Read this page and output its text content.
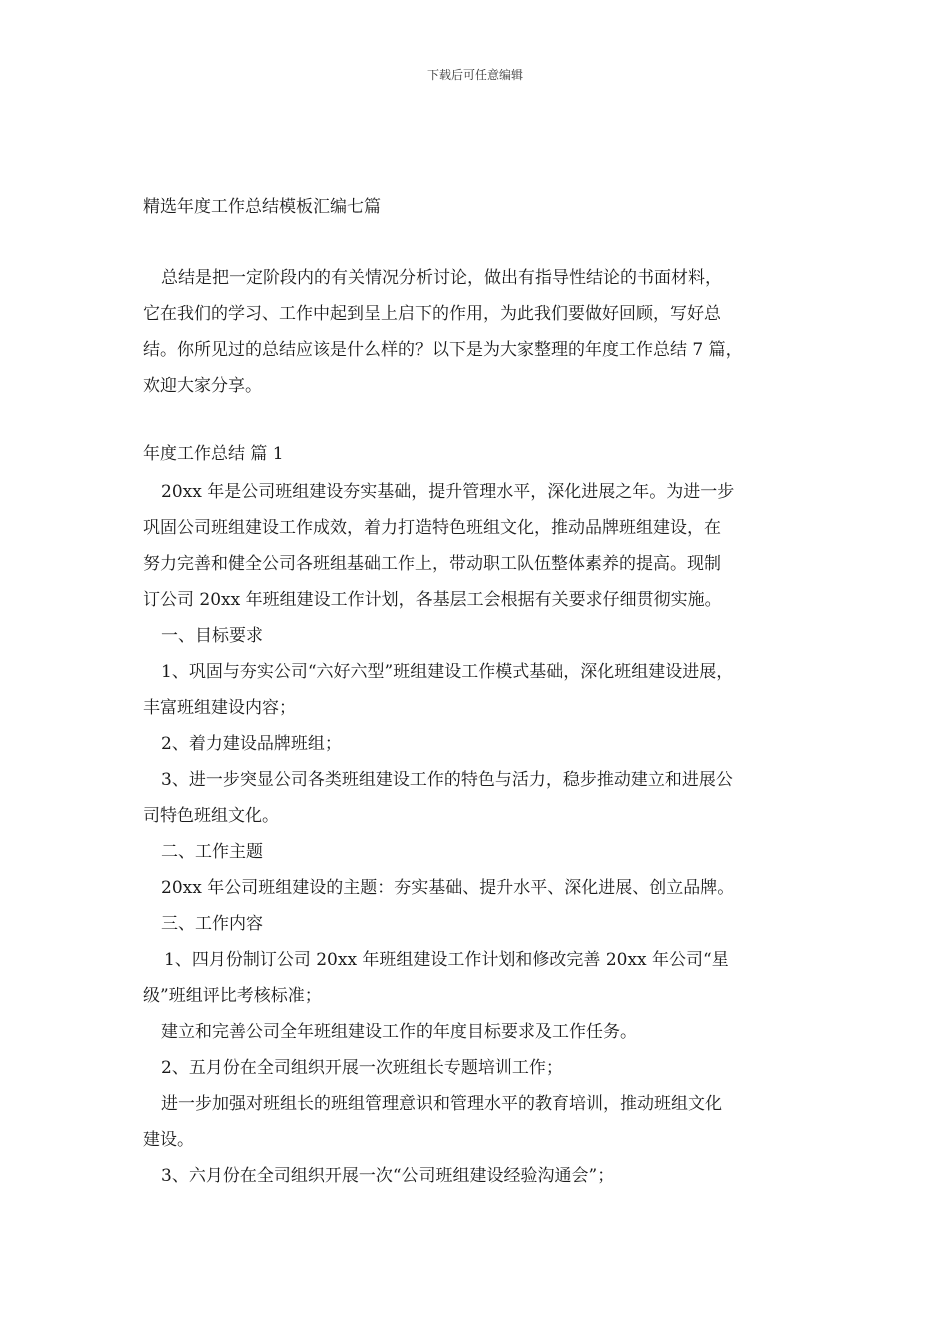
下载后可任意编辑
精选年度工作总结模板汇编七篇

总结是把一定阶段内的有关情况分析讨论，做出有指导性结论的书面材料，

它在我们的学习、工作中起到呈上启下的作用，为此我们要做好回顾，写好总

结。你所见过的总结应该是什么样的？以下是为大家整理的年度工作总结 7 篇，

欢迎大家分享。

年度工作总结 篇 1
20xx 年是公司班组建设夯实基础，提升管理水平，深化进展之年。为进一步
巩固公司班组建设工作成效，着力打造特色班组文化，推动品牌班组建设，在
努力完善和健全公司各班组基础工作上，带动职工队伍整体素养的提高。现制
订公司 20xx 年班组建设工作计划，各基层工会根据有关要求仔细贯彻实施。
一、目标要求
1、巩固与夯实公司“六好六型”班组建设工作模式基础，深化班组建设进展，
丰富班组建设内容；
2、着力建设品牌班组；
3、进一步突显公司各类班组建设工作的特色与活力，稳步推动建立和进展公
司特色班组文化。
二、工作主题
20xx 年公司班组建设的主题：夯实基础、提升水平、深化进展、创立品牌。
三、工作内容
1、四月份制订公司 20xx 年班组建设工作计划和修改完善 20xx 年公司“星
级”班组评比考核标准；
建立和完善公司全年班组建设工作的年度目标要求及工作任务。
2、五月份在全司组织开展一次班组长专题培训工作；
进一步加强对班组长的班组管理意识和管理水平的教育培训，推动班组文化
建设。
3、六月份在全司组织开展一次“公司班组建设经验沟通会”；
